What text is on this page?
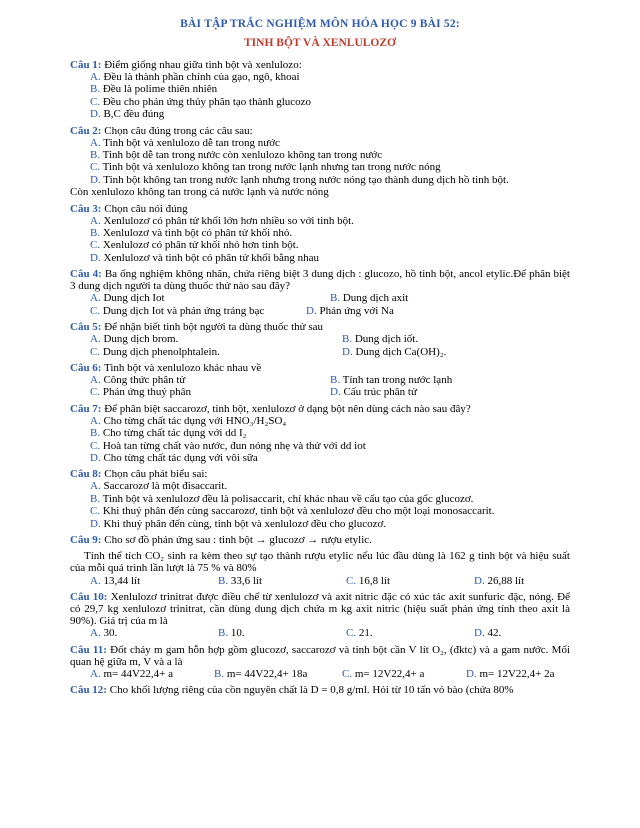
BÀI TẬP TRẮC NGHIỆM MÔN HÓA HỌC 9 BÀI 52:
TINH BỘT VÀ XENLULOZƠ
Câu 1: Điểm giống nhau giữa tinh bột và xenlulozo:
A. Đều là thành phần chính của gạo, ngô, khoai
B. Đều là polime thiên nhiên
C. Đều cho phản ứng thủy phân tạo thành glucozo
D. B,C đều đúng
Câu 2: Chọn câu đúng trong các câu sau:
A. Tinh bột và xenlulozo dễ tan trong nước
B. Tinh bột dễ tan trong nước còn xenlulozo không tan trong nước
C. Tinh bột và xenlulozo không tan trong nước lạnh nhưng tan trong nước nóng
D. Tinh bột không tan trong nước lạnh nhưng trong nước nóng tạo thành dung dịch hồ tinh bột.
Còn xenlulozo không tan trong cả nước lạnh và nước nóng
Câu 3: Chọn câu nói đúng
A. Xenlulozơ có phân tử khối lớn hơn nhiều so với tinh bột.
B. Xenlulozơ và tinh bột có phân tử khối nhỏ.
C. Xenlulozơ có phân tử khối nhỏ hơn tinh bột.
D. Xenlulozơ và tinh bột có phân tử khối bằng nhau
Câu 4: Ba ống nghiệm không nhãn, chứa riêng biệt 3 dung dịch : glucozo, hồ tinh bột, ancol etylic.Để phân biệt 3 dung dịch người ta dùng thuốc thử nào sau đây?
A. Dung dịch Iot	B. Dung dịch axit
C. Dung dịch Iot và phản ứng tráng bạc	D. Phản ứng với Na
Câu 5: Để nhận biết tinh bột người ta dùng thuốc thử sau
A. Dung dịch brom.	B. Dung dịch iốt.
C. Dung dịch phenolphtalein.	D. Dung dịch Ca(OH)₂.
Câu 6: Tinh bột và xenlulozo khác nhau về
A. Công thức phân tử	B. Tính tan trong nước lạnh
C. Phản ứng thuỷ phân	D. Cấu trúc phân tử
Câu 7: Để phân biệt saccarozơ, tinh bột, xenlulozơ ở dạng bột nên dùng cách nào sau đây?
A. Cho từng chất tác dụng với HNO₃/H₂SO₄
B. Cho từng chất tác dụng với dd I₂
C. Hoà tan từng chất vào nước, đun nóng nhẹ và thử với dd iot
D. Cho từng chất tác dụng với vôi sữa
Câu 8: Chọn câu phát biểu sai:
A. Saccarozơ là một đisaccarit.
B. Tinh bột và xenlulozơ đều là polisaccarit, chỉ khác nhau về cấu tạo của gốc glucozơ.
C. Khi thuỷ phân đến cùng saccarozơ, tinh bột và xenlulozơ đều cho một loại monosaccarit.
D. Khi thuỷ phân đến cùng, tinh bột và xenlulozơ đều cho glucozơ.
Câu 9: Cho sơ đồ phản ứng sau : tinh bột → glucozơ → rượu etylic.
Tính thể tích CO₂ sinh ra kèm theo sự tạo thành rượu etylic nếu lúc đầu dùng là 162 g tinh bột và hiệu suất của mỗi quá trình lần lượt là 75 % và 80%
A. 13,44 lít	B. 33,6 lít	C. 16,8 lít	D. 26,88 lít
Câu 10: Xenlulozơ trinitrat được điều chế từ xenlulozơ và axit nitric đặc có xúc tác axit sunfuric đặc, nóng. Để có 29,7 kg xenlulozơ trinitrat, cần dùng dung dịch chứa m kg axit nitric (hiệu suất phản ứng tính theo axit là 90%). Giá trị của m là
A. 30.	B. 10.	C. 21.	D. 42.
Câu 11: Đốt cháy m gam hỗn hợp gồm glucozơ, saccarozơ và tinh bột cần V lít O₂, (đktc) và a gam nước. Mối quan hệ giữa m, V và a là
A. m= 44V22,4+ a	B. m= 44V22,4+ 18a	C. m= 12V22,4+ a	D. m= 12V22,4+ 2a
Câu 12: Cho khối lượng riêng của cồn nguyên chất là D = 0,8 g/ml. Hỏi từ 10 tấn vỏ bào (chứa 80%
